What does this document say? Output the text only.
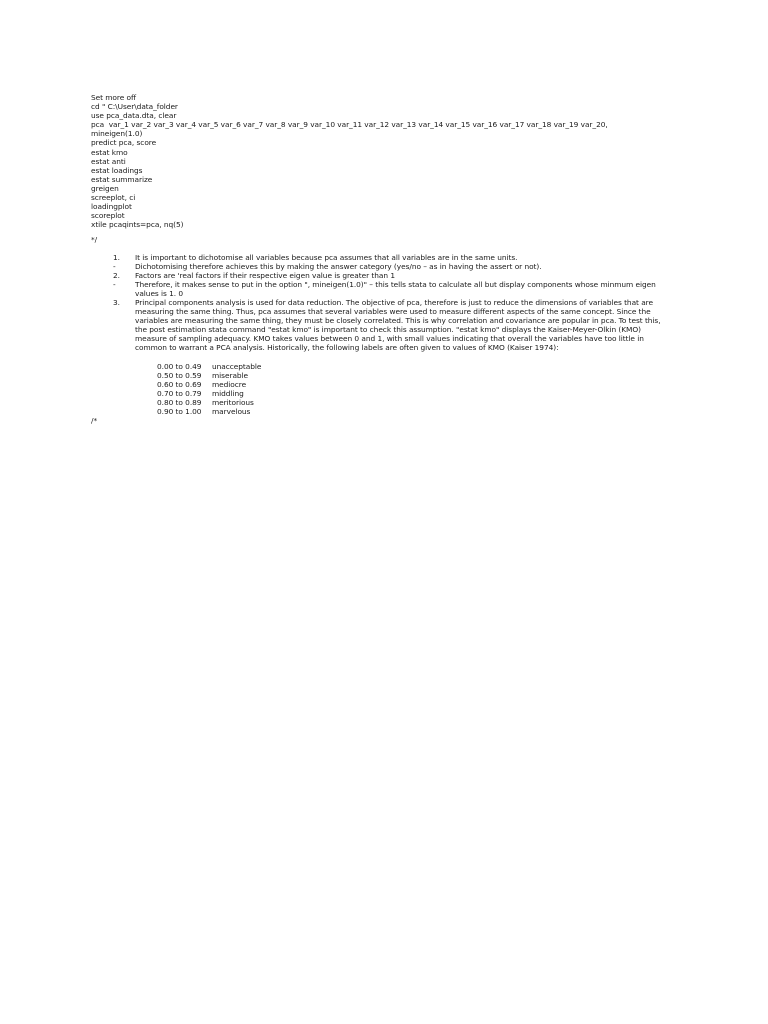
Set more off
cd " C:\User\data_folder
use pca_data.dta, clear
pca  var_1 var_2 var_3 var_4 var_5 var_6 var_7 var_8 var_9 var_10 var_11 var_12 var_13 var_14 var_15 var_16 var_17 var_18 var_19 var_20,
mineigen(1.0)
predict pca, score
estat kmo
estat anti
estat loadings
estat summarize
greigen
screeplot, ci
loadingplot
scoreplot
xtile pcaqints=pca, nq(5)
*/
1.	It is important to dichotomise all variables because pca assumes that all variables are in the same units.
-	Dichotomising therefore achieves this by making the answer category (yes/no – as in having the assert or not).
2.	Factors are 'real factors if their respective eigen value is greater than 1
-	Therefore, it makes sense to put in the option ", mineigen(1.0)" – this tells stata to calculate all but display components whose minmum eigen values is 1. 0
3.	Principal components analysis is used for data reduction. The objective of pca, therefore is just to reduce the dimensions of variables that are measuring the same thing. Thus, pca assumes that several variables were used to measure different aspects of the same concept. Since the variables are measuring the same thing, they must be closely correlated. This is why correlation and covariance are popular in pca. To test this, the post estimation stata command "estat kmo" is important to check this assumption. "estat kmo" displays the Kaiser-Meyer-Olkin (KMO) measure of sampling adequacy. KMO takes values between 0 and 1, with small values indicating that overall the variables have too little in common to warrant a PCA analysis. Historically, the following labels are often given to values of KMO (Kaiser 1974):
0.00 to 0.49	unacceptable
0.50 to 0.59	miserable
0.60 to 0.69	mediocre
0.70 to 0.79	middling
0.80 to 0.89	meritorious
0.90 to 1.00	marvelous
/*
